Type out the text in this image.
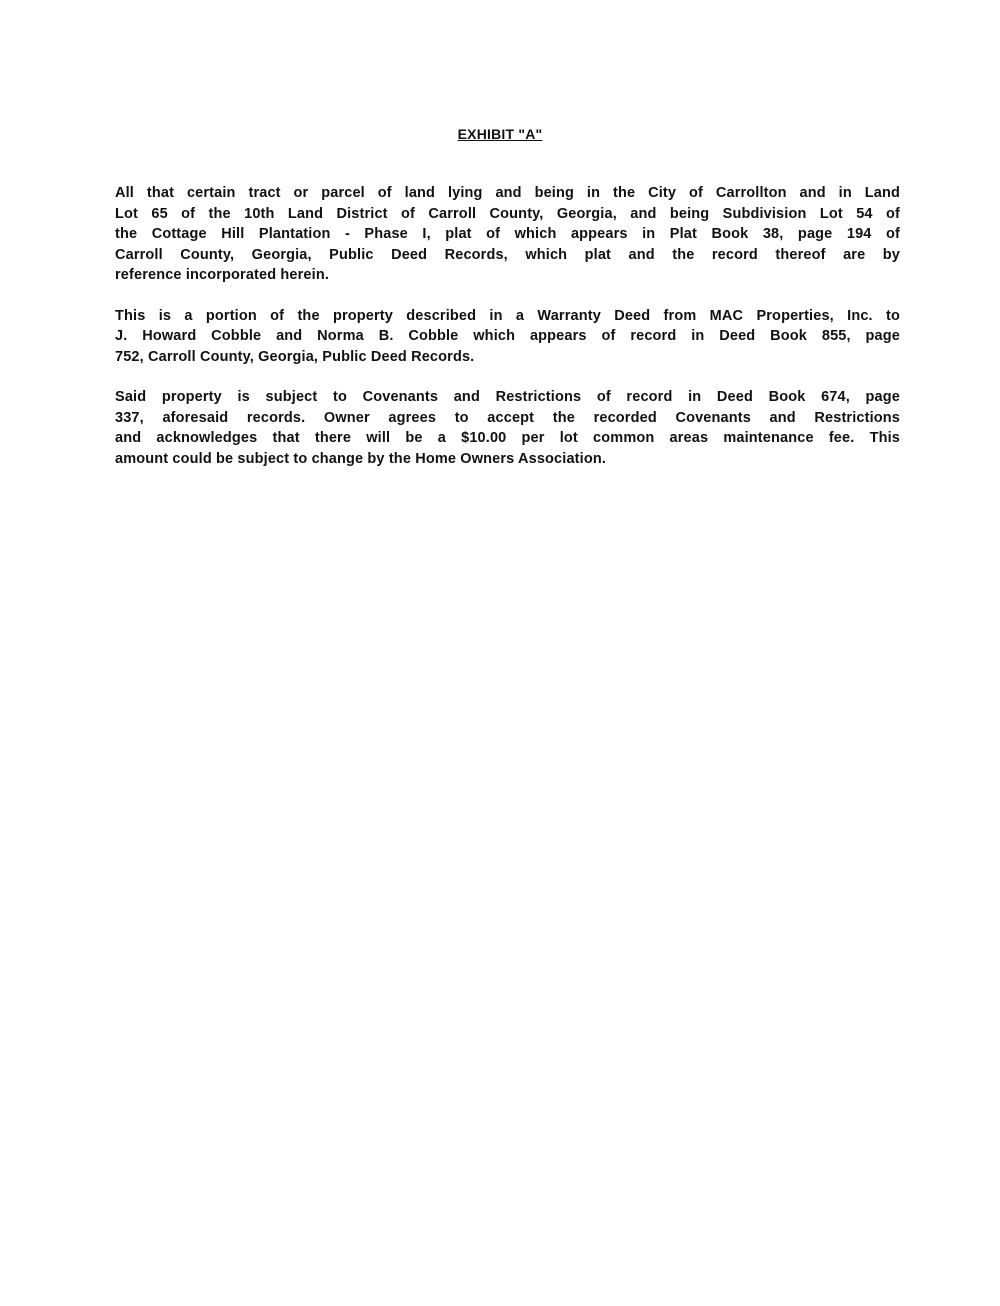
EXHIBIT "A"

All that certain tract or parcel of land lying and being in the City of Carrollton and in Land
Lot 65 of the 10th Land District of Carroll County, Georgia, and being Subdivision Lot 54 of
the Cottage Hill Plantation - Phase I, plat of which appears in Plat Book 38, page 194 of
Carroll County, Georgia, Public Deed Records, which plat and the record thereof are by
reference incorporated herein.

This is a portion of the property described in a Warranty Deed from MAC Properties, Inc. to
J. Howard Cobble and Norma B. Cobble which appears of record in Deed Book 855, page
752, Carroll County, Georgia, Public Deed Records.

Said property is subject to Covenants and Restrictions of record in Deed Book 674, page
337, aforesaid records. Owner agrees to accept the recorded Covenants and Restrictions
and acknowledges that there will be a $10.00 per lot common areas maintenance fee. This
amount could be subject to change by the Home Owners Association.
